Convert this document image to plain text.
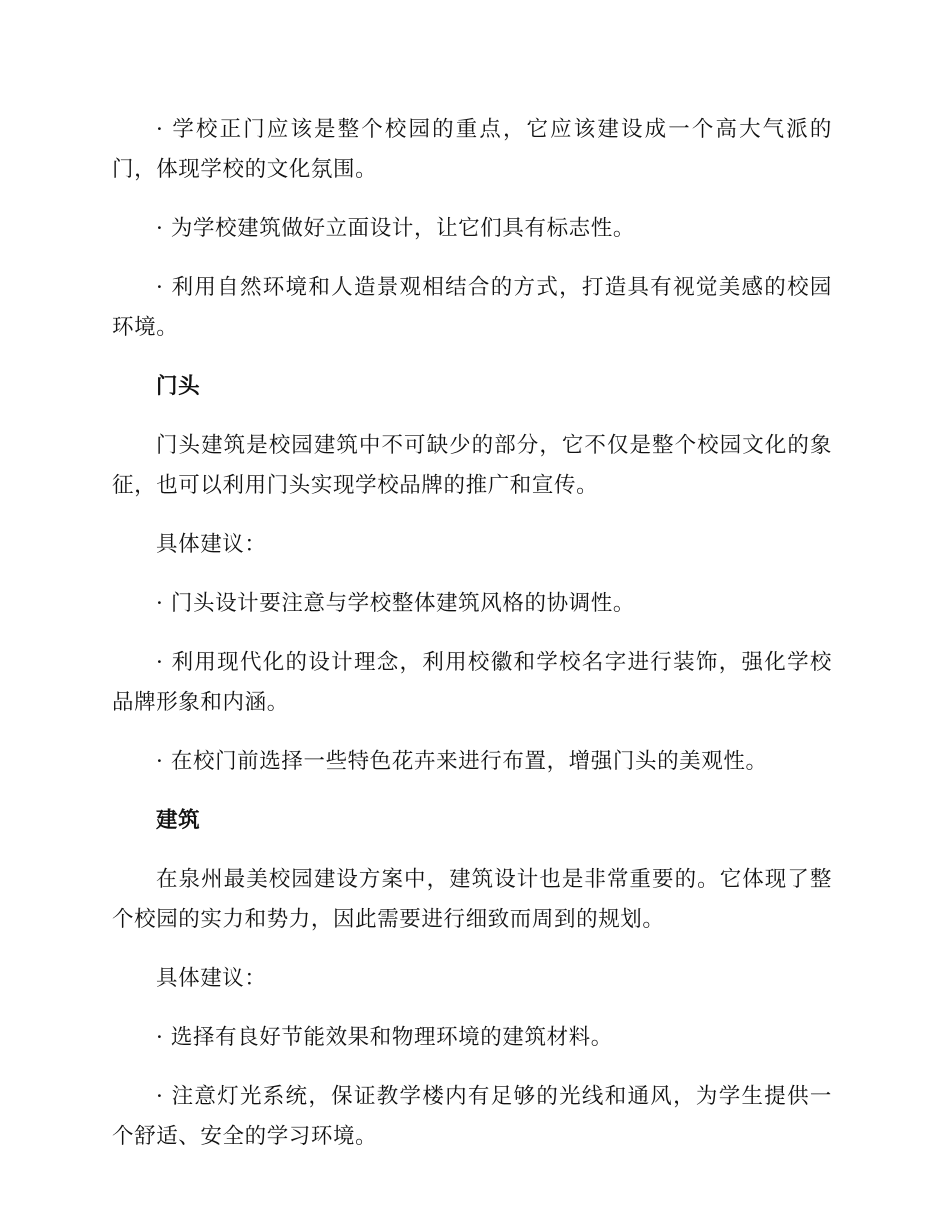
· 学校正门应该是整个校园的重点，它应该建设成一个高大气派的门，体现学校的文化氛围。

· 为学校建筑做好立面设计，让它们具有标志性。

· 利用自然环境和人造景观相结合的方式，打造具有视觉美感的校园环境。

门头

门头建筑是校园建筑中不可缺少的部分，它不仅是整个校园文化的象征，也可以利用门头实现学校品牌的推广和宣传。

具体建议：

· 门头设计要注意与学校整体建筑风格的协调性。

· 利用现代化的设计理念，利用校徽和学校名字进行装饰，强化学校品牌形象和内涵。

· 在校门前选择一些特色花卉来进行布置，增强门头的美观性。

建筑

在泉州最美校园建设方案中，建筑设计也是非常重要的。它体现了整个校园的实力和势力，因此需要进行细致而周到的规划。

具体建议：

· 选择有良好节能效果和物理环境的建筑材料。

· 注意灯光系统，保证教学楼内有足够的光线和通风，为学生提供一个舒适、安全的学习环境。
